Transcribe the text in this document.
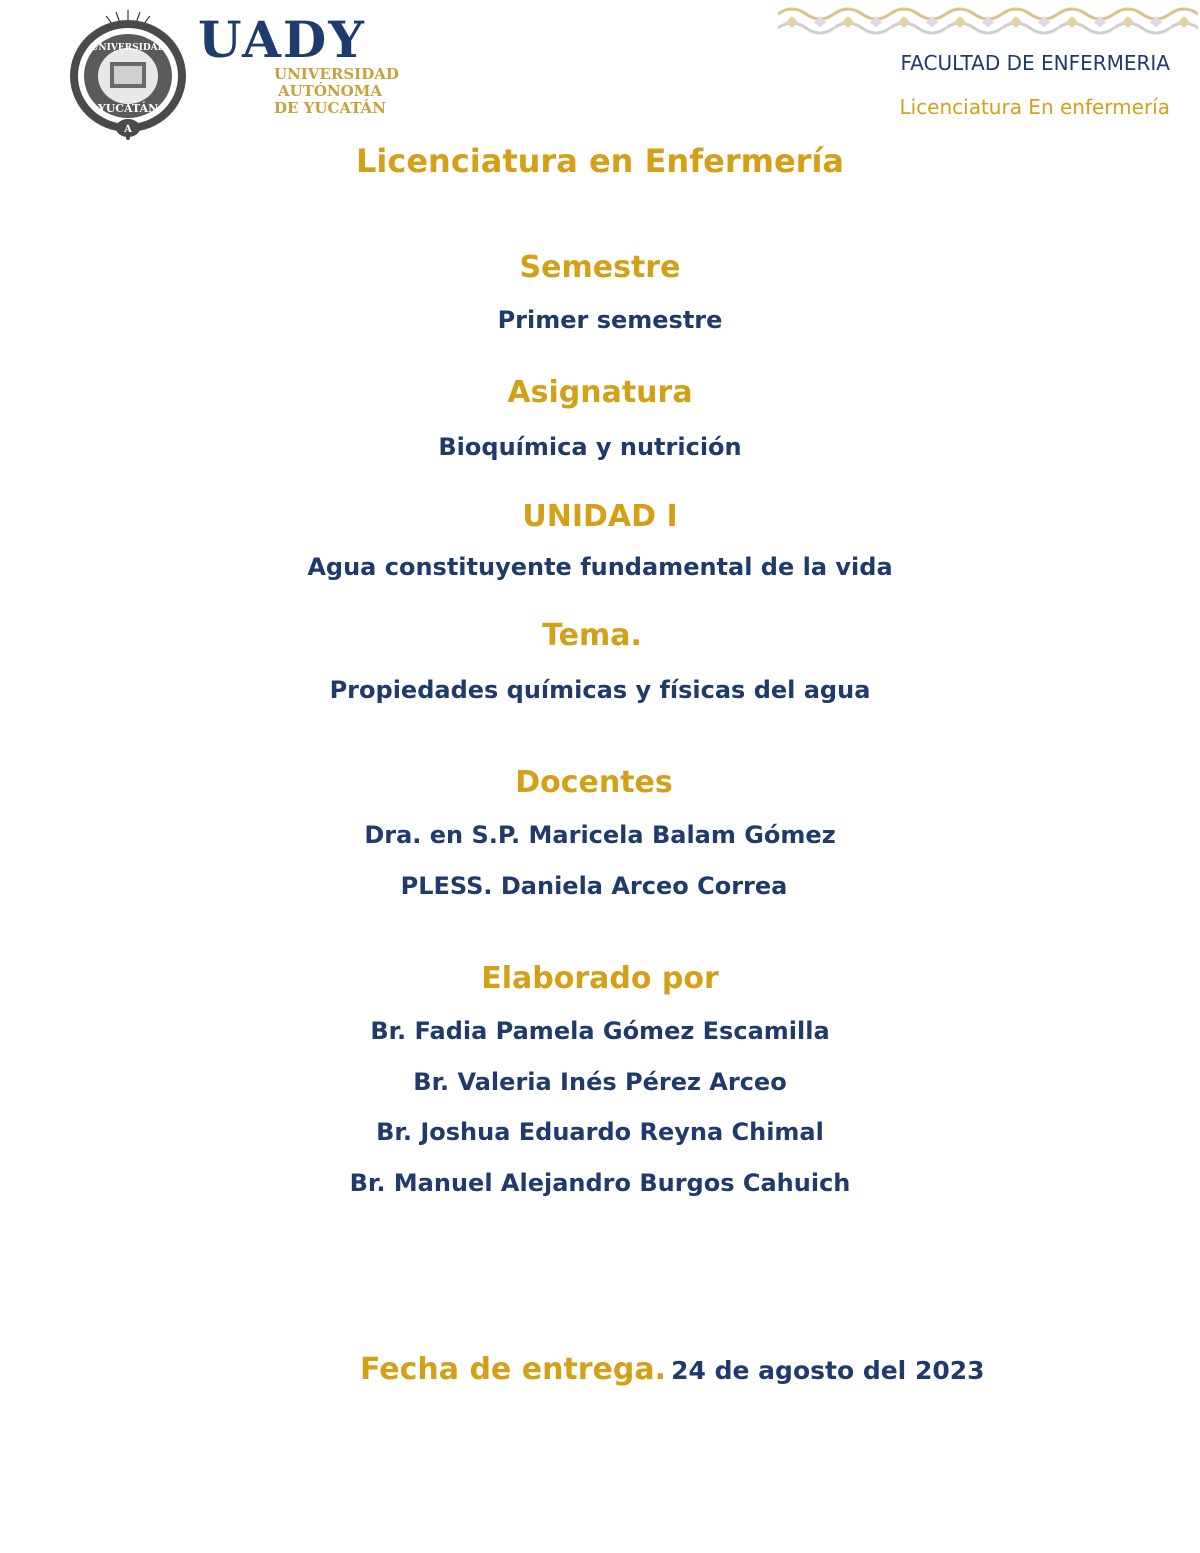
UNIVERSIDAD
YUCATÁN
A
UADY
UNIVERSIDAD
AUTÓNOMA
DE YUCATÁN
FACULTAD DE ENFERMERIA
Licenciatura En enfermería
Licenciatura en Enfermería
Semestre
Primer semestre
Asignatura
Bioquímica y nutrición
UNIDAD I
Agua constituyente fundamental de la vida
Tema.
Propiedades químicas y físicas del agua
Docentes
Dra. en S.P. Maricela Balam Gómez
PLESS. Daniela Arceo Correa
Elaborado por
Br. Fadia Pamela Gómez Escamilla
Br. Valeria Inés Pérez Arceo
Br. Joshua Eduardo Reyna Chimal
Br. Manuel Alejandro Burgos Cahuich
Fecha de entrega. 24 de agosto del 2023
